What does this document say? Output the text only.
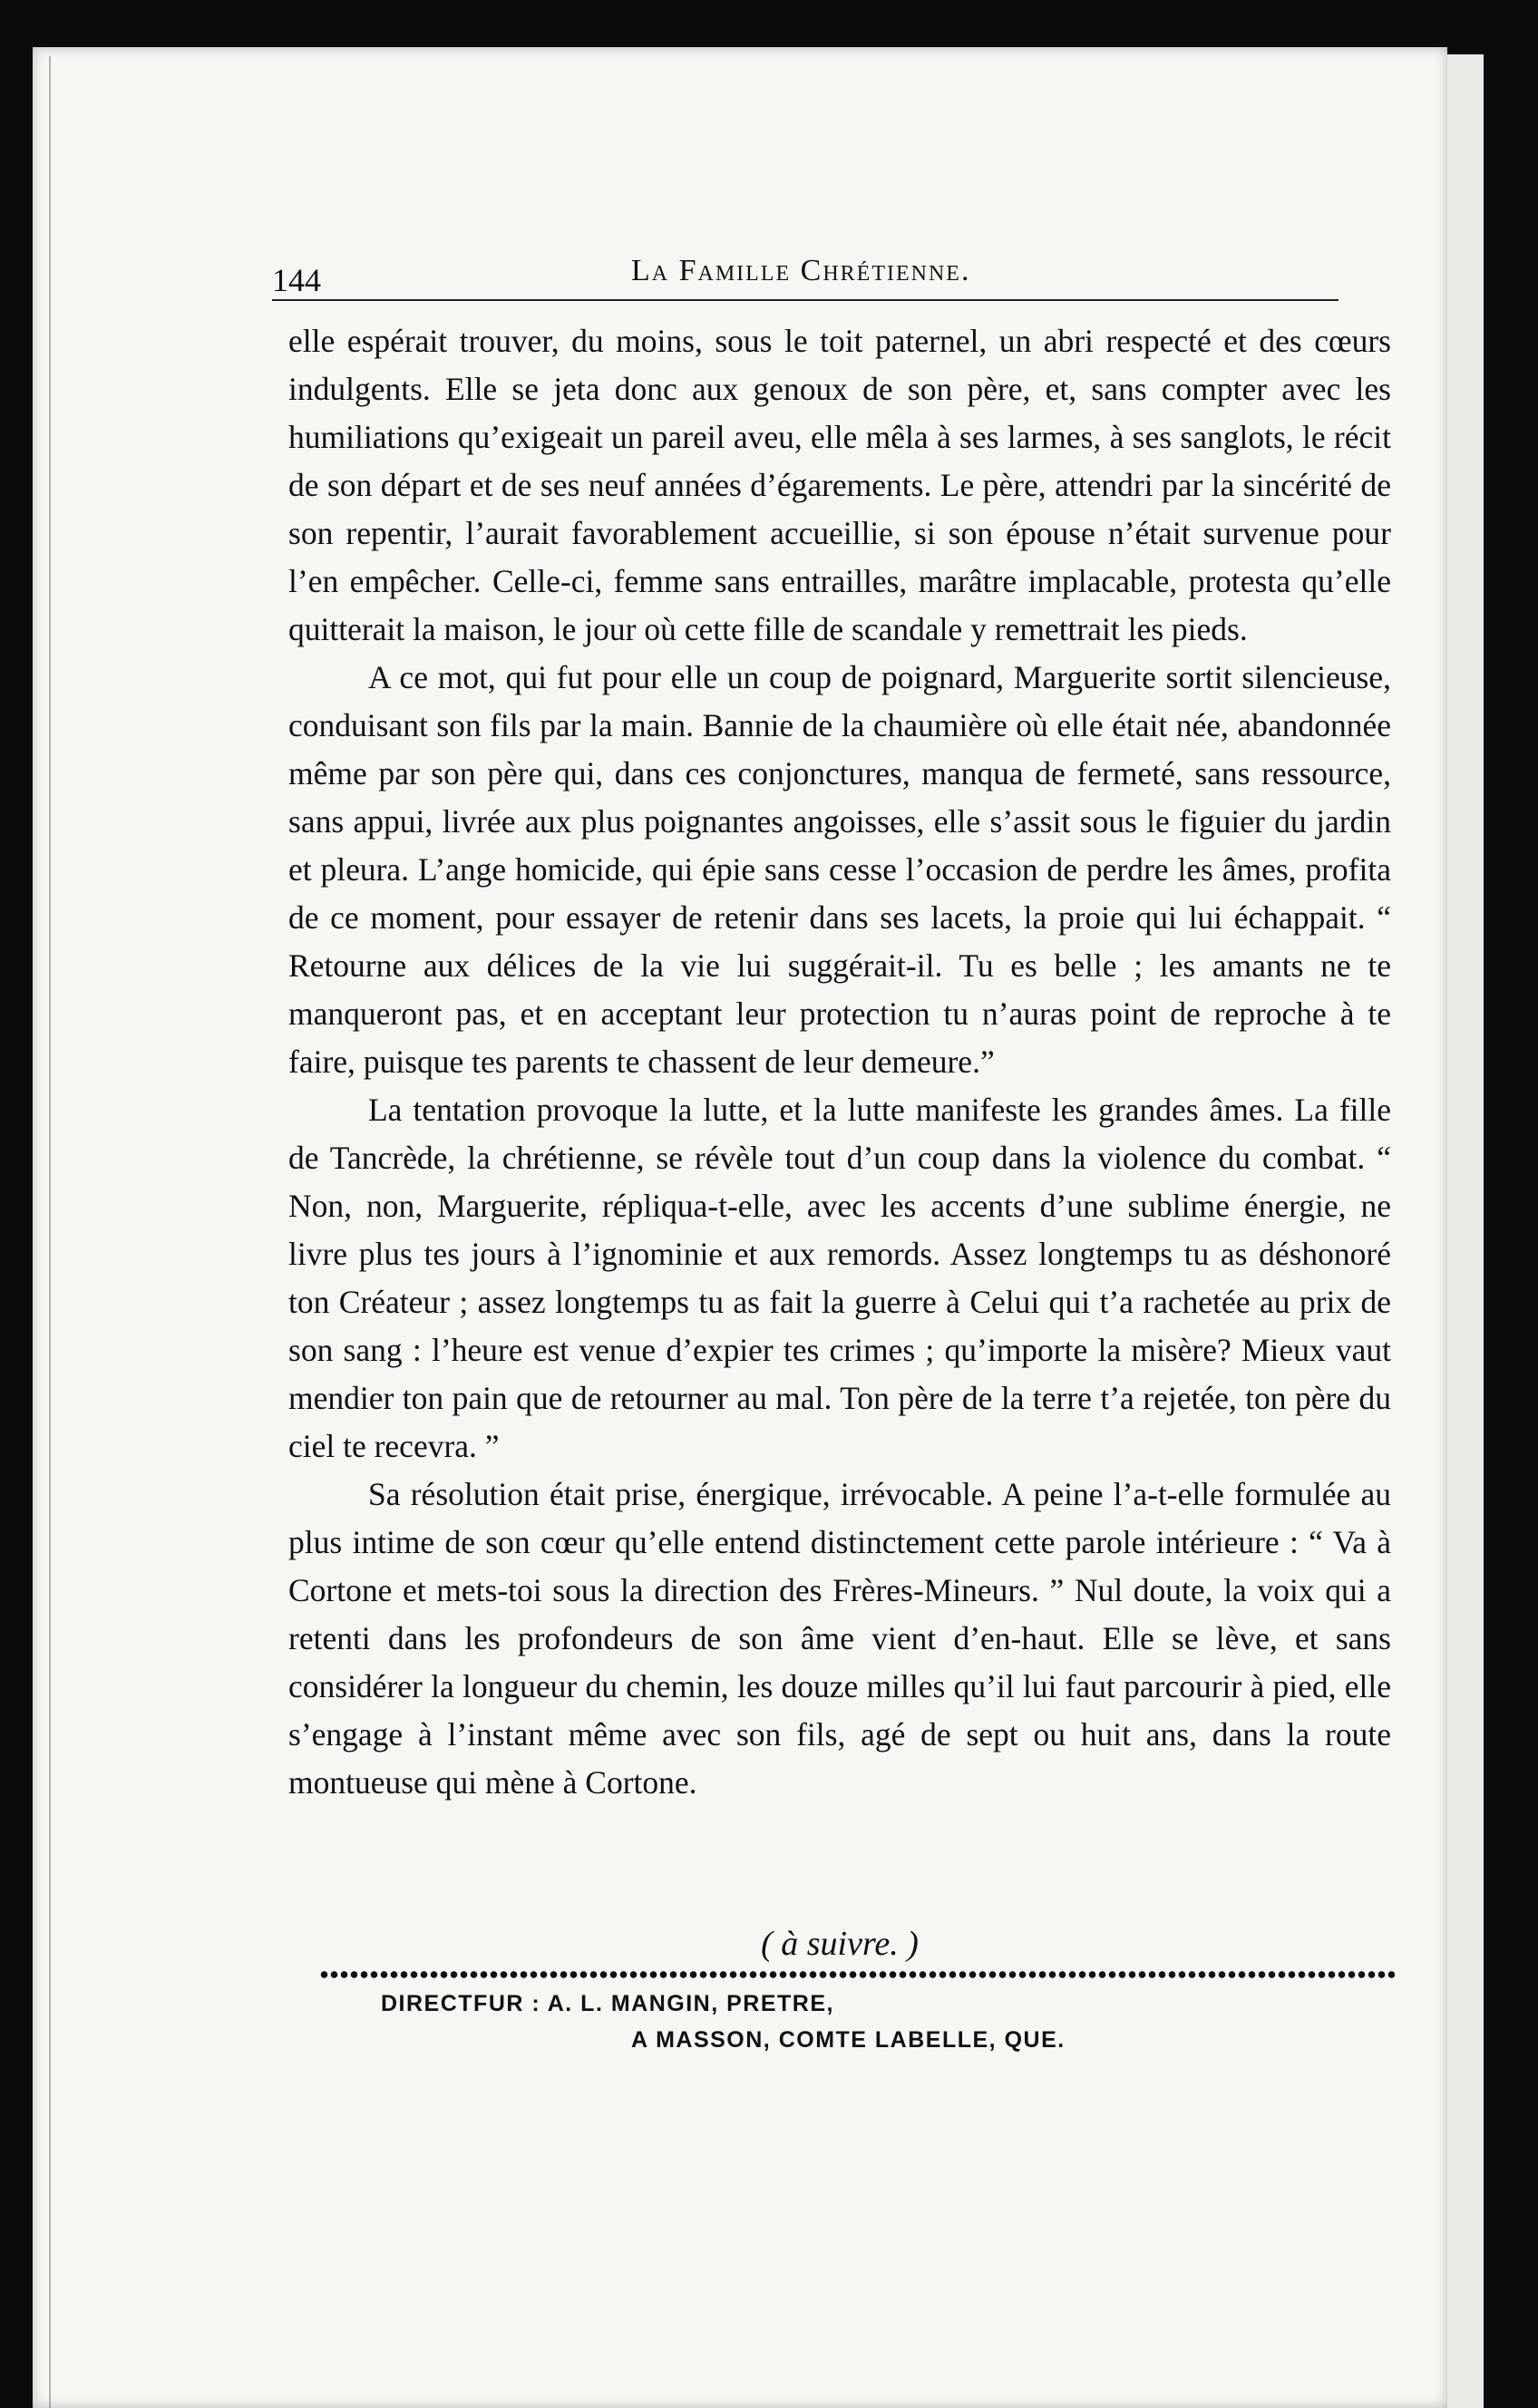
144	La Famille Chrétienne.

elle espérait trouver, du moins, sous le toit paternel, un abri respecté et des cœurs indulgents. Elle se jeta donc aux genoux de son père, et, sans compter avec les humiliations qu’exigeait un pareil aveu, elle mêla à ses larmes, à ses sanglots, le récit de son départ et de ses neuf années d’égarements. Le père, attendri par la sincérité de son repentir, l’aurait favorablement accueillie, si son épouse n’était survenue pour l’en empêcher. Celle-ci, femme sans entrailles, marâtre implacable, protesta qu’elle quitterait la maison, le jour où cette fille de scandale y remettrait les pieds.

A ce mot, qui fut pour elle un coup de poignard, Marguerite sortit silencieuse, conduisant son fils par la main. Bannie de la chaumière où elle était née, abandonnée même par son père qui, dans ces conjonctures, manqua de fermeté, sans ressource, sans appui, livrée aux plus poignantes angoisses, elle s’assit sous le figuier du jardin et pleura. L’ange homicide, qui épie sans cesse l’occasion de perdre les âmes, profita de ce moment, pour essayer de retenir dans ses lacets, la proie qui lui échappait. “ Retourne aux délices de la vie lui suggérait-il. Tu es belle ; les amants ne te manqueront pas, et en acceptant leur protection tu n’auras point de reproche à te faire, puisque tes parents te chassent de leur demeure.”

La tentation provoque la lutte, et la lutte manifeste les grandes âmes. La fille de Tancrède, la chrétienne, se révèle tout d’un coup dans la violence du combat. “ Non, non, Marguerite, répliqua-t-elle, avec les accents d’une sublime énergie, ne livre plus tes jours à l’ignominie et aux remords. Assez longtemps tu as déshonoré ton Créateur ; assez longtemps tu as fait la guerre à Celui qui t’a rachetée au prix de son sang : l’heure est venue d’expier tes crimes ; qu’importe la misère? Mieux vaut mendier ton pain que de retourner au mal. Ton père de la terre t’a rejetée, ton père du ciel te recevra. ”

Sa résolution était prise, énergique, irrévocable. A peine l’a-t-elle formulée au plus intime de son cœur qu’elle entend distinctement cette parole intérieure : “ Va à Cortone et mets-toi sous la direction des Frères-Mineurs. ” Nul doute, la voix qui a retenti dans les profondeurs de son âme vient d’en-haut. Elle se lève, et sans considérer la longueur du chemin, les douze milles qu’il lui faut parcourir à pied, elle s’engage à l’instant même avec son fils, agé de sept ou huit ans, dans la route montueuse qui mène à Cortone.

( à suivre. )
DIRECTFUR : A. L. MANGIN, PRETRE,
A MASSON, COMTE LABELLE, QUE.
